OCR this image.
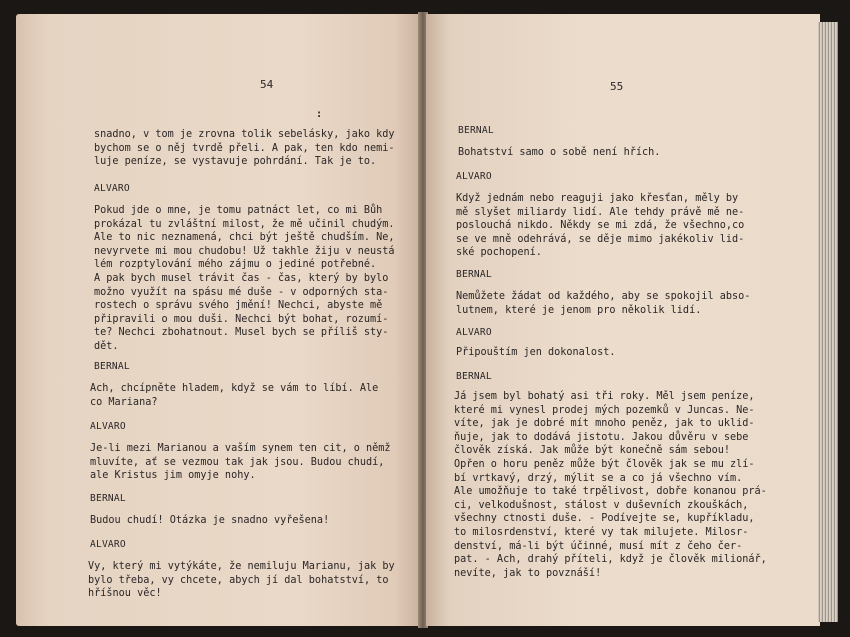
54
:
snadno, v tom je zrovna tolik sebelásky, jako kdy
bychom se o něj tvrdě přeli. A pak, ten kdo nemi-
luje peníze, se vystavuje pohrdání. Tak je to.
ALVARO
Pokud jde o mne, je tomu patnáct let, co mi Bůh
prokázal tu zvláštní milost, že mě učinil chudým.
Ale to nic neznamená, chci být ještě chudším. Ne,
nevyrvete mi mou chudobu! Už takhle žiju v neustá
lém rozptylování mého zájmu o jediné potřebné.
A pak bych musel trávit čas - čas, který by bylo
možno využít na spásu mé duše - v odporných sta-
rostech o správu svého jmění! Nechci, abyste mě
připravili o mou duši. Nechci být bohat, rozumí-
te? Nechci zbohatnout. Musel bych se příliš sty-
dět.
BERNAL
Ach, chcípněte hladem, když se vám to líbí. Ale
co Mariana?
ALVARO
Je-li mezi Marianou a vaším synem ten cit, o němž
mluvíte, ať se vezmou tak jak jsou. Budou chudí,
ale Kristus jim omyje nohy.
BERNAL
Budou chudí! Otázka je snadno vyřešena!
ALVARO
Vy, který mi vytýkáte, že nemiluju Marianu, jak by
bylo třeba, vy chcete, abych jí dal bohatství, to
hříšnou věc!
55
BERNAL
Bohatství samo o sobě není hřích.
ALVARO
Když jednám nebo reaguji jako křesťan, měly by
mě slyšet miliardy lidí. Ale tehdy právě mě ne-
poslouchá nikdo. Někdy se mi zdá, že všechno,co
se ve mně odehrává, se děje mimo jakékoliv lid-
ské pochopení.
BERNAL
Nemůžete žádat od každého, aby se spokojil abso-
lutnem, které je jenom pro několik lidí.
ALVARO
Připouštím jen dokonalost.
BERNAL
Já jsem byl bohatý asi tři roky. Měl jsem peníze,
které mi vynesl prodej mých pozemků v Juncas. Ne-
víte, jak je dobré mít mnoho peněz, jak to uklid-
ňuje, jak to dodává jistotu. Jakou důvěru v sebe
člověk získá. Jak může být konečně sám sebou!
Opřen o horu peněz může být člověk jak se mu zlí-
bí vrtkavý, drzý, mýlit se a co já všechno vím.
Ale umožňuje to také trpělivost, dobře konanou prá-
ci, velkodušnost, stálost v duševních zkouškách,
všechny ctnosti duše. - Podívejte se, kupříkladu,
to milosrdenství, které vy tak milujete. Milosr-
denství, má-li být účinné, musí mít z čeho čer-
pat. - Ach, drahý příteli, když je člověk milionář,
nevíte, jak to povznáší!
